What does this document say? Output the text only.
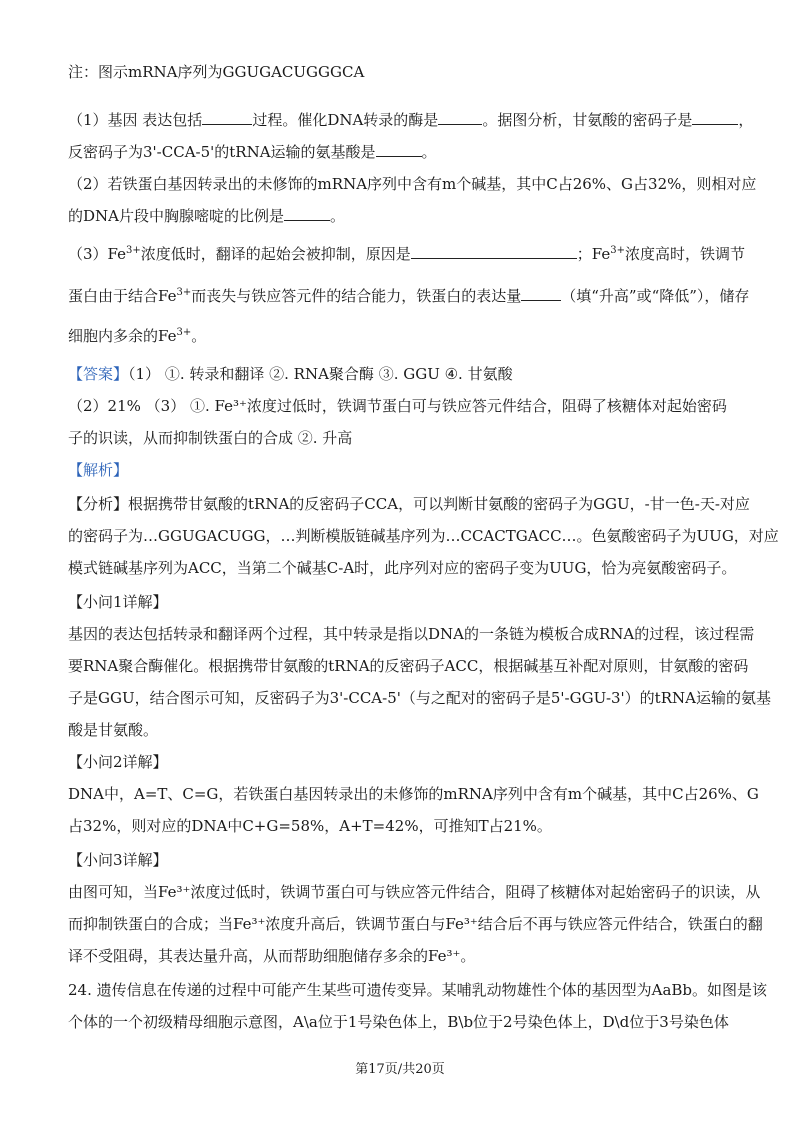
注：图示mRNA序列为GGUGACUGGGCA
（1）基因 表达包括	过程。催化DNA转录的酶是	。据图分析，甘氨酸的密码子是	，
反密码子为3'-CCA-5'的tRNA运输的氨基酸是	。
（2）若铁蛋白基因转录出的未修饰的mRNA序列中含有m个碱基，其中C占26%、G占32%，则相对应
的DNA片段中胸腺嘧啶的比例是	。
$(3)Fe^{3+}$浓度低时，翻译的起始会被抑制，原因是	；$Fe^{3+}$浓度高时，铁调节
蛋白由于结合$Fe^{3+}$而丧失与铁应答元件的结合能力，铁蛋白的表达量	（填“升高”或“降低”），储存
细胞内多余的$Fe^{3+}$。
【答案】（1） ①. 转录和翻译 ②. RNA聚合酶 ③. GGU ④. 甘氨酸
（2）21% （3） ①. Fe³⁺浓度过低时，铁调节蛋白可与铁应答元件结合，阻碍了核糖体对起始密码
子的识读，从而抑制铁蛋白的合成 ②. 升高
【解析】
【分析】根据携带甘氨酸的tRNA的反密码子CCA，可以判断甘氨酸的密码子为GGU，-甘一色-天-对应
的密码子为…GGUGACUGG，…判断模版链碱基序列为…CCACTGACC…。色氨酸密码子为UUG，对应
模式链碱基序列为ACC，当第二个碱基C-A时，此序列对应的密码子变为UUG，恰为亮氨酸密码子。
【小问1详解】
基因的表达包括转录和翻译两个过程，其中转录是指以DNA的一条链为模板合成RNA的过程，该过程需
要RNA聚合酶催化。根据携带甘氨酸的tRNA的反密码子ACC，根据碱基互补配对原则，甘氨酸的密码
子是GGU，结合图示可知，反密码子为3'-CCA-5'（与之配对的密码子是5'-GGU-3'）的tRNA运输的氨基
酸是甘氨酸。
【小问2详解】
DNA中，A=T、C=G，若铁蛋白基因转录出的未修饰的mRNA序列中含有m个碱基，其中C占26%、G
占32%，则对应的DNA中C+G=58%，A+T=42%，可推知T占21%。
【小问3详解】
由图可知，当Fe³⁺浓度过低时，铁调节蛋白可与铁应答元件结合，阻碍了核糖体对起始密码子的识读，从
而抑制铁蛋白的合成；当Fe³⁺浓度升高后，铁调节蛋白与Fe³⁺结合后不再与铁应答元件结合，铁蛋白的翻
译不受阻碍，其表达量升高，从而帮助细胞储存多余的Fe³⁺。
24. 遗传信息在传递的过程中可能产生某些可遗传变异。某哺乳动物雄性个体的基因型为AaBb。如图是该
个体的一个初级精母细胞示意图，A\a位于1号染色体上，B\b位于2号染色体上，D\d位于3号染色体
第17页/共20页
